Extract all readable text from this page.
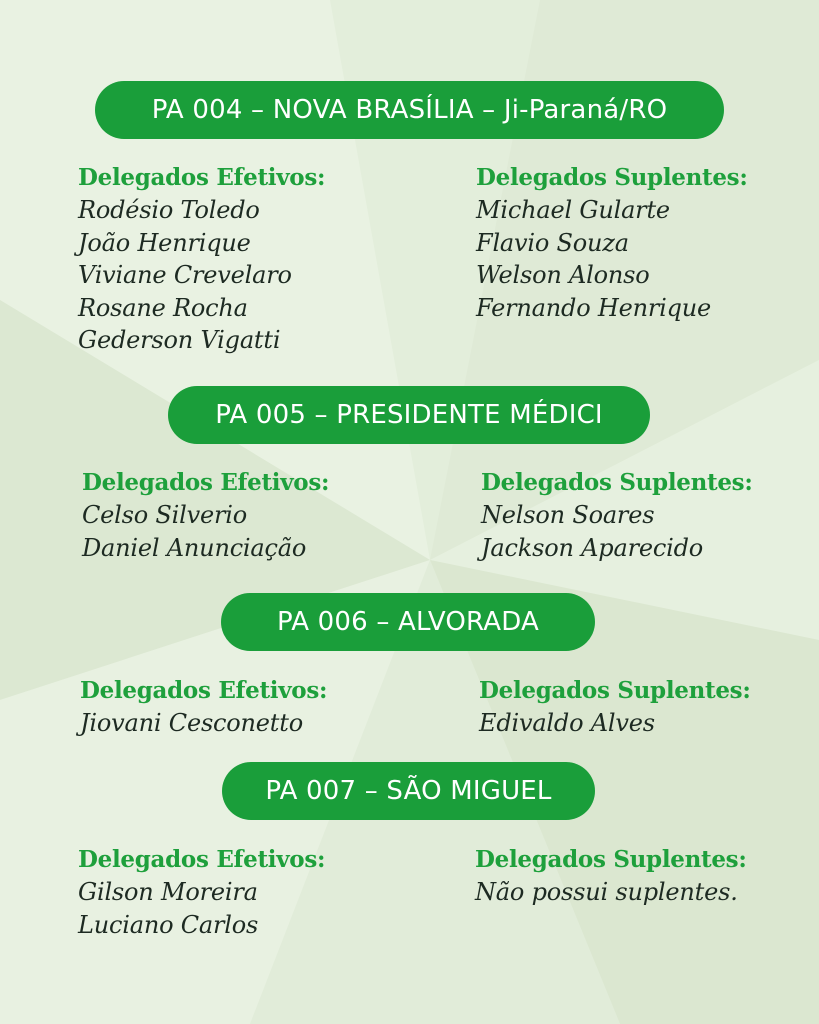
PA 004 – NOVA BRASÍLIA – Ji-Paraná/RO
Delegados Efetivos:
Rodésio Toledo
João Henrique
Viviane Crevelaro
Rosane Rocha
Gederson Vigatti
Delegados Suplentes:
Michael Gularte
Flavio Souza
Welson Alonso
Fernando Henrique
PA 005 – PRESIDENTE MÉDICI
Delegados Efetivos:
Celso Silverio
Daniel Anunciação
Delegados Suplentes:
Nelson Soares
Jackson Aparecido
PA 006 – ALVORADA
Delegados Efetivos:
Jiovani Cesconetto
Delegados Suplentes:
Edivaldo Alves
PA 007 – SÃO MIGUEL
Delegados Efetivos:
Gilson Moreira
Luciano Carlos
Delegados Suplentes:
Não possui suplentes.
